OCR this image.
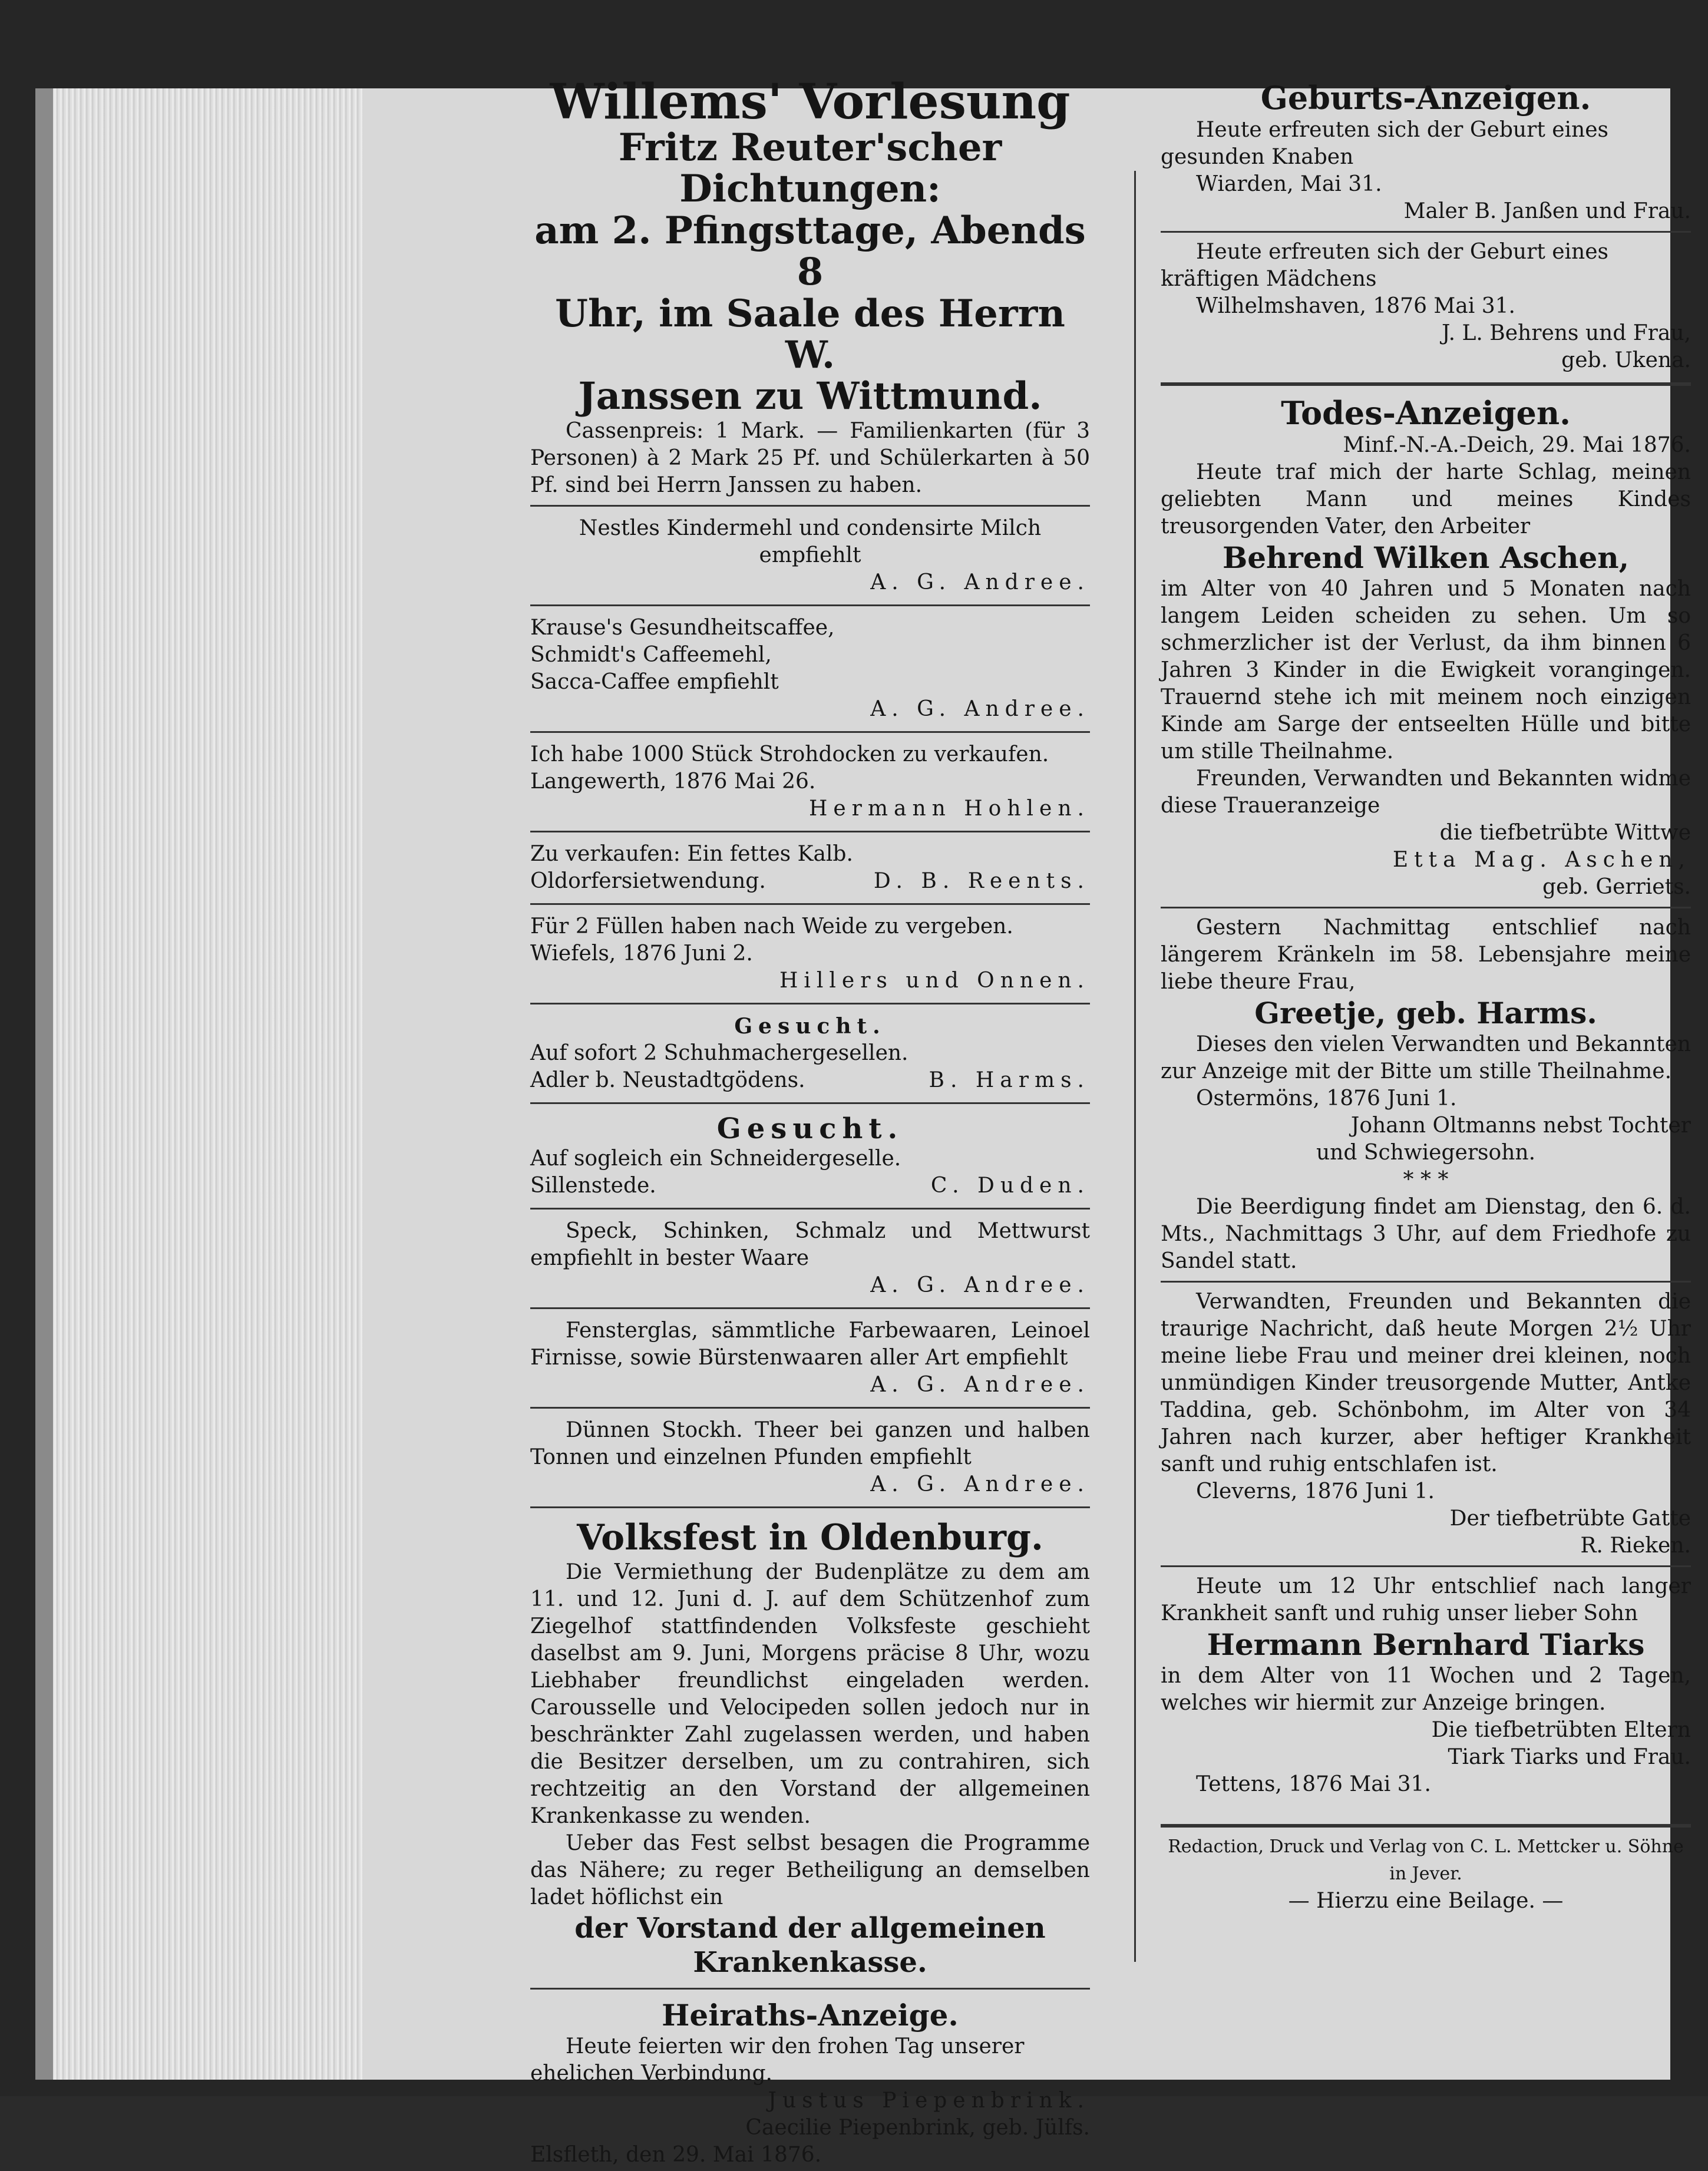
Willems' Vorlesung
Fritz Reuter'scher Dichtungen:
am 2. Pfingsttage, Abends 8
Uhr, im Saale des Herrn W.
Janssen zu Wittmund.
Cassenpreis: 1 Mark. — Familienkarten (für 3 Personen) à 2 Mark 25 Pf. und Schülerkarten à 50 Pf. sind bei Herrn Janssen zu haben.
Nestles Kindermehl und condensirte Milch empfiehlt
A. G. Andree.
Krause's Gesundheitscaffee,
Schmidt's Caffeemehl,
Sacca-Caffee empfiehlt
A. G. Andree.
Ich habe 1000 Stück Strohdocken zu verkaufen.
Langewerth, 1876 Mai 26.
Hermann Hohlen.
Zu verkaufen: Ein fettes Kalb.
Oldorfersietwendung.	D. B. Reents.
Für 2 Füllen haben nach Weide zu vergeben.
Wiefels, 1876 Juni 2.
Hillers und Onnen.
Gesucht.
Auf sofort 2 Schuhmachergesellen.
Adler b. Neustadtgödens.	B. Harms.
Gesucht.
Auf sogleich ein Schneidergeselle.
Sillenstede.	C. Duden.
Speck, Schinken, Schmalz und Mettwurst empfiehlt in bester Waare
A. G. Andree.
Fensterglas, sämmtliche Farbewaaren, Leinoel Firnisse, sowie Bürstenwaaren aller Art empfiehlt
A. G. Andree.
Dünnen Stockh. Theer bei ganzen und halben Tonnen und einzelnen Pfunden empfiehlt
A. G. Andree.
Volksfest in Oldenburg.
Die Vermiethung der Budenplätze zu dem am 11. und 12. Juni d. J. auf dem Schützenhof zum Ziegelhof stattfindenden Volksfeste geschieht daselbst am 9. Juni, Morgens präcise 8 Uhr, wozu Liebhaber freundlichst eingeladen werden. Carousselle und Velocipeden sollen jedoch nur in beschränkter Zahl zugelassen werden, und haben die Besitzer derselben, um zu contrahiren, sich rechtzeitig an den Vorstand der allgemeinen Krankenkasse zu wenden.
Ueber das Fest selbst besagen die Programme das Nähere; zu reger Betheiligung an demselben ladet höflichst ein
der Vorstand der allgemeinen Krankenkasse.
Heiraths-Anzeige.
Heute feierten wir den frohen Tag unserer ehelichen Verbindung.
Justus Piepenbrink.
Caecilie Piepenbrink, geb. Jülfs.
Elsfleth, den 29. Mai 1876.
Geburts-Anzeigen.
Heute erfreuten sich der Geburt eines gesunden Knaben
Wiarden, Mai 31.
Maler B. Janßen und Frau.
Heute erfreuten sich der Geburt eines kräftigen Mädchens
Wilhelmshaven, 1876 Mai 31.
J. L. Behrens und Frau,
geb. Ukena.
Todes-Anzeigen.
Minf.-N.-A.-Deich, 29. Mai 1876.
Heute traf mich der harte Schlag, meinen geliebten Mann und meines Kindes treusorgenden Vater, den Arbeiter
Behrend Wilken Aschen,
im Alter von 40 Jahren und 5 Monaten nach langem Leiden scheiden zu sehen. Um so schmerzlicher ist der Verlust, da ihm binnen 6 Jahren 3 Kinder in die Ewigkeit vorangingen. Trauernd stehe ich mit meinem noch einzigen Kinde am Sarge der entseelten Hülle und bitte um stille Theilnahme.
Freunden, Verwandten und Bekannten widme diese Traueranzeige
die tiefbetrübte Wittwe
Etta Mag. Aschen,
geb. Gerriets.
Gestern Nachmittag entschlief nach längerem Kränkeln im 58. Lebensjahre meine liebe theure Frau,
Greetje, geb. Harms.
Dieses den vielen Verwandten und Bekannten zur Anzeige mit der Bitte um stille Theilnahme.
Ostermöns, 1876 Juni 1.
Johann Oltmanns nebst Tochter
und Schwiegersohn.
* * *
Die Beerdigung findet am Dienstag, den 6. d. Mts., Nachmittags 3 Uhr, auf dem Friedhofe zu Sandel statt.
Verwandten, Freunden und Bekannten die traurige Nachricht, daß heute Morgen 2½ Uhr meine liebe Frau und meiner drei kleinen, noch unmündigen Kinder treusorgende Mutter, Antke Taddina, geb. Schönbohm, im Alter von 34 Jahren nach kurzer, aber heftiger Krankheit sanft und ruhig entschlafen ist.
Cleverns, 1876 Juni 1.
Der tiefbetrübte Gatte
R. Rieken.
Heute um 12 Uhr entschlief nach langer Krankheit sanft und ruhig unser lieber Sohn
Hermann Bernhard Tiarks
in dem Alter von 11 Wochen und 2 Tagen, welches wir hiermit zur Anzeige bringen.
Die tiefbetrübten Eltern
Tiark Tiarks und Frau.
Tettens, 1876 Mai 31.
Redaction, Druck und Verlag von C. L. Mettcker u. Söhne in Jever.
— Hierzu eine Beilage. —
